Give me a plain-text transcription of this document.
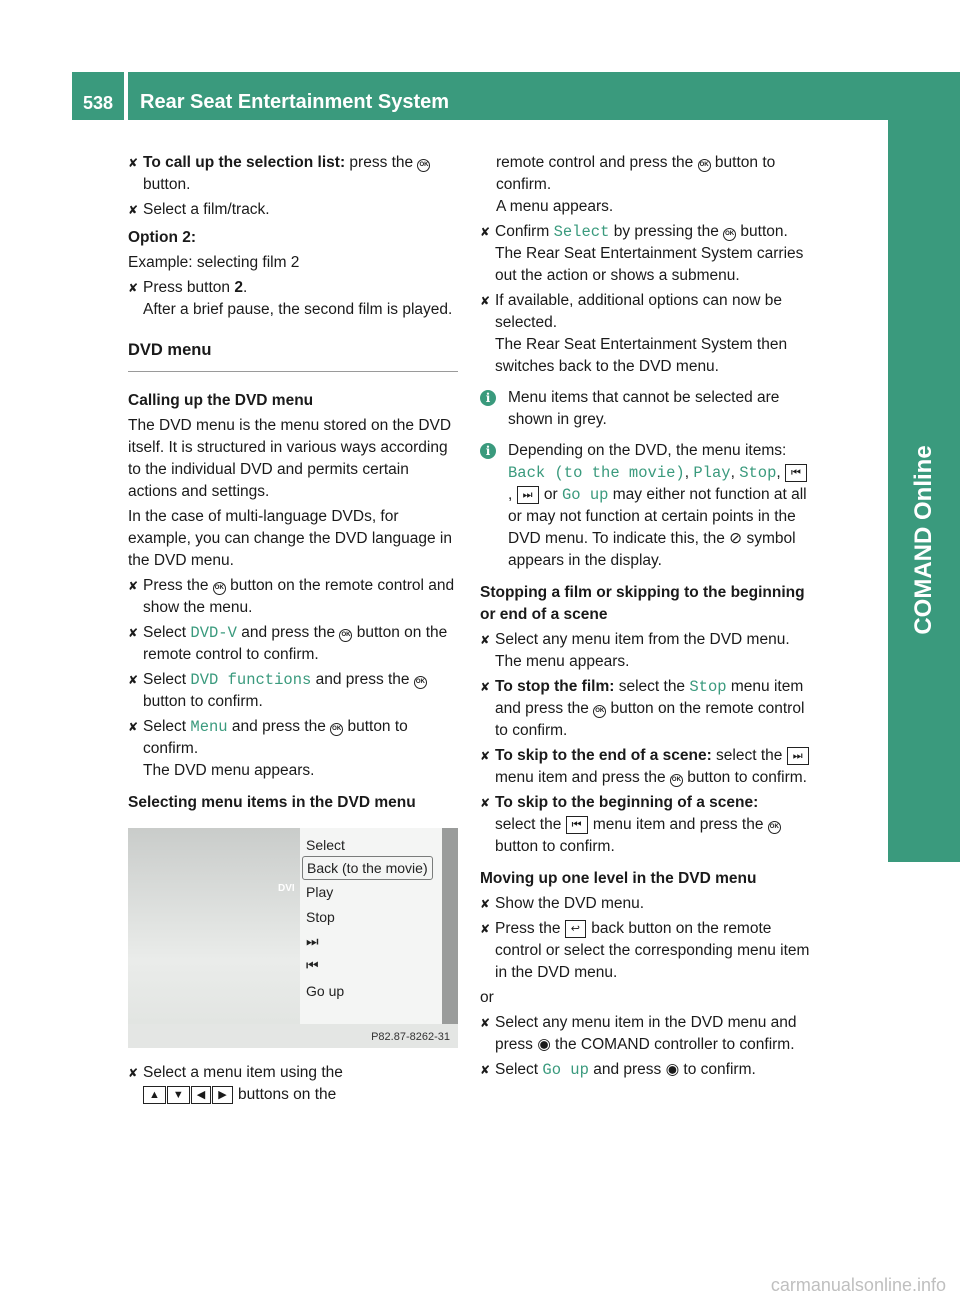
538	Rear Seat Entertainment System
COMAND Online
✘ To call up the selection list: press the OK button.
✘ Select a film/track.
Option 2:
Example: selecting film 2
✘ Press button 2.
After a brief pause, the second film is played.
DVD menu
Calling up the DVD menu
The DVD menu is the menu stored on the DVD itself. It is structured in various ways according to the individual DVD and permits certain actions and settings.
In the case of multi-language DVDs, for example, you can change the DVD language in the DVD menu.
✘ Press the OK button on the remote control and show the menu.
✘ Select DVD-V and press the OK button on the remote control to confirm.
✘ Select DVD functions and press the OK button to confirm.
✘ Select Menu and press the OK button to confirm.
The DVD menu appears.
Selecting menu items in the DVD menu
DVI
Select
Back (to the movie)
Play
Stop
⏭
⏮
Go up
P82.87-8262-31
✘ Select a menu item using the
▲ ▼ ◀ ▶ buttons on the
remote control and press the OK button to confirm.
A menu appears.
✘ Confirm Select by pressing the OK button.
The Rear Seat Entertainment System carries out the action or shows a submenu.
✘ If available, additional options can now be selected.
The Rear Seat Entertainment System then switches back to the DVD menu.
i	Menu items that cannot be selected are shown in grey.
i	Depending on the DVD, the menu items:
Back (to the movie), Play, Stop, ⏮, ⏭ or Go up may either not function at all or may not function at certain points in the DVD menu. To indicate this, the ⊘ symbol appears in the display.
Stopping a film or skipping to the beginning or end of a scene
✘ Select any menu item from the DVD menu.
The menu appears.
✘ To stop the film: select the Stop menu item and press the OK button on the remote control to confirm.
✘ To skip to the end of a scene: select the ⏭ menu item and press the OK button to confirm.
✘ To skip to the beginning of a scene:
select the ⏮ menu item and press the OK button to confirm.
Moving up one level in the DVD menu
✘ Show the DVD menu.
✘ Press the ↩ back button on the remote control or select the corresponding menu item in the DVD menu.
or
✘ Select any menu item in the DVD menu and press ◉ the COMAND controller to confirm.
✘ Select Go up and press ◉ to confirm.
carmanualsonline.info
